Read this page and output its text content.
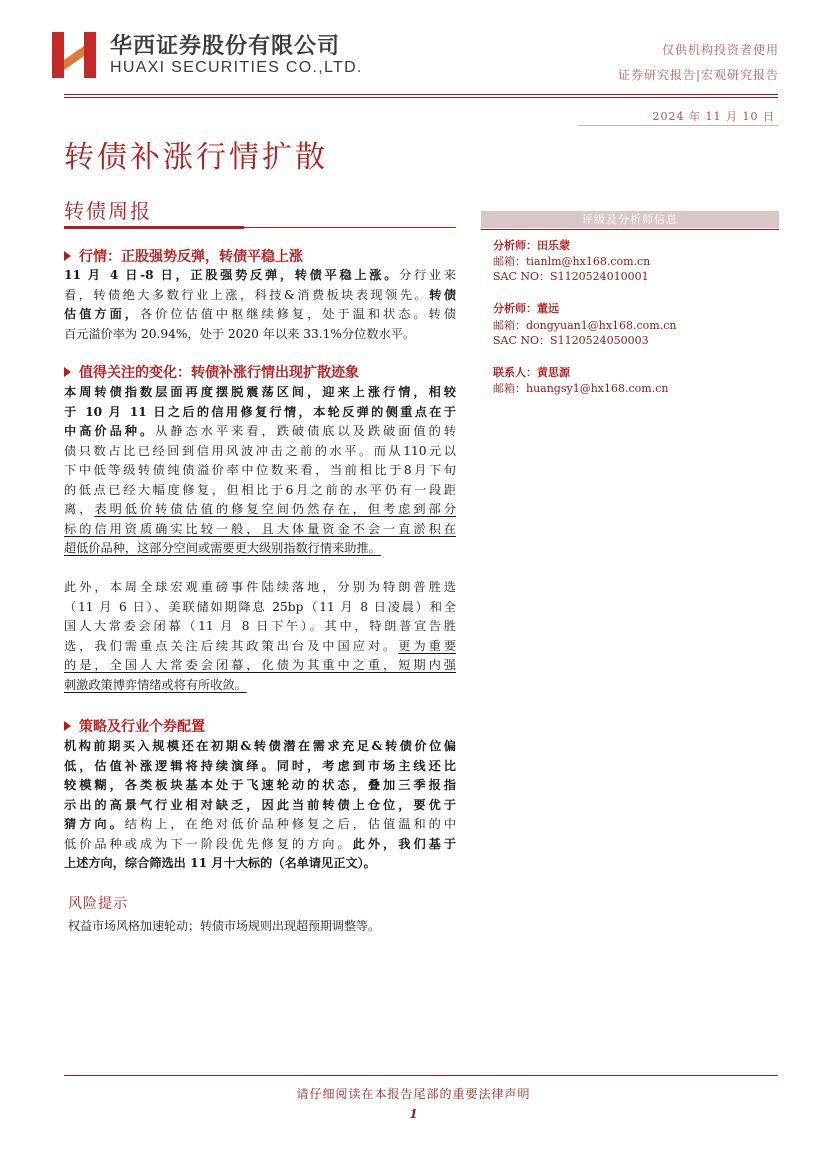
华西证券股份有限公司
HUAXI SECURITIES CO.,LTD.
仅供机构投资者使用
证券研究报告|宏观研究报告
2024 年 11 月 10 日
转债补涨行情扩散
转债周报	评级及分析师信息
分析师：田乐蒙
邮箱：tianlm@hx168.com.cn
SAC NO：S1120524010001
分析师：董远
邮箱：dongyuan1@hx168.com.cn
SAC NO：S1120524050003
联系人：黄思源
邮箱：huangsy1@hx168.com.cn
行情：正股强势反弹，转债平稳上涨
11 月 4 日-8 日，正股强势反弹，转债平稳上涨。分行业来
看，转债绝大多数行业上涨，科技&消费板块表现领先。转债
估值方面，各价位估值中枢继续修复，处于温和状态。转债
百元溢价率为 20.94%，处于 2020 年以来 33.1%分位数水平。
值得关注的变化：转债补涨行情出现扩散迹象
本周转债指数层面再度摆脱震荡区间，迎来上涨行情，相较
于 10 月 11 日之后的信用修复行情，本轮反弹的侧重点在于
中高价品种。从静态水平来看，跌破债底以及跌破面值的转
债只数占比已经回到信用风波冲击之前的水平。而从110元以
下中低等级转债纯债溢价率中位数来看，当前相比于8月下旬
的低点已经大幅度修复，但相比于6月之前的水平仍有一段距
离，表明低价转债估值的修复空间仍然存在，但考虑到部分
标的信用资质确实比较一般，且大体量资金不会一直淤积在
超低价品种，这部分空间或需要更大级别指数行情来助推。
此外，本周全球宏观重磅事件陆续落地，分别为特朗普胜选
（11 月 6 日）、美联储如期降息 25bp（11 月 8 日凌晨）和全
国人大常委会闭幕（11 月 8 日下午）。其中，特朗普宣告胜
选，我们需重点关注后续其政策出台及中国应对。更为重要
的是，全国人大常委会闭幕，化债为其重中之重，短期内强
刺激政策博弈情绪或将有所收敛。
策略及行业个券配置
机构前期买入规模还在初期&转债潜在需求充足&转债价位偏
低，估值补涨逻辑将持续演绎。同时，考虑到市场主线还比
较模糊，各类板块基本处于飞速轮动的状态，叠加三季报指
示出的高景气行业相对缺乏，因此当前转债上仓位，要优于
猜方向。结构上，在绝对低价品种修复之后，估值温和的中
低价品种或成为下一阶段优先修复的方向。此外，我们基于
上述方向，综合筛选出 11 月十大标的（名单请见正文）。
风险提示
权益市场风格加速轮动；转债市场规则出现超预期调整等。
请仔细阅读在本报告尾部的重要法律声明
1
